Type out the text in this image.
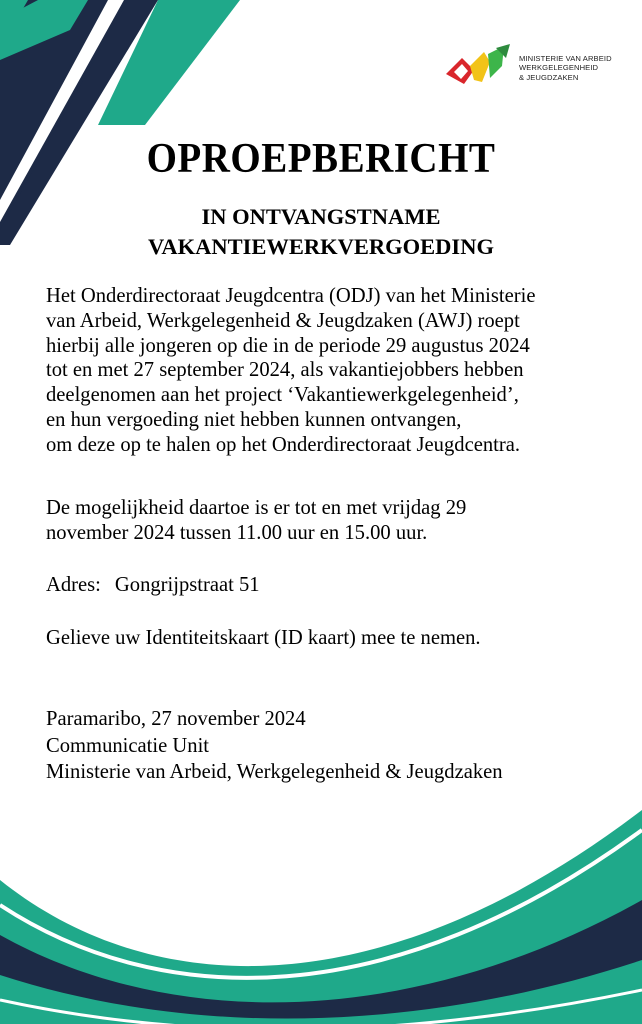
MINISTERIE VAN ARBEID
WERKGELEGENHEID
& JEUGDZAKEN
OPROEPBERICHT
IN ONTVANGSTNAME
VAKANTIEWERKVERGOEDING
Het Onderdirectoraat Jeugdcentra (ODJ) van het Ministerie
van Arbeid, Werkgelegenheid & Jeugdzaken (AWJ) roept
hierbij alle jongeren op die in de periode 29 augustus 2024
tot en met 27 september 2024, als vakantiejobbers hebben
deelgenomen aan het project ‘Vakantiewerkgelegenheid’,
en hun vergoeding niet hebben kunnen ontvangen,
om deze op te halen op het Onderdirectoraat Jeugdcentra.
De mogelijkheid daartoe is er tot en met vrijdag 29
november 2024 tussen 11.00 uur en 15.00 uur.
Adres: Gongrijpstraat 51
Gelieve uw Identiteitskaart (ID kaart) mee te nemen.
Paramaribo, 27 november 2024
Communicatie Unit
Ministerie van Arbeid, Werkgelegenheid & Jeugdzaken
